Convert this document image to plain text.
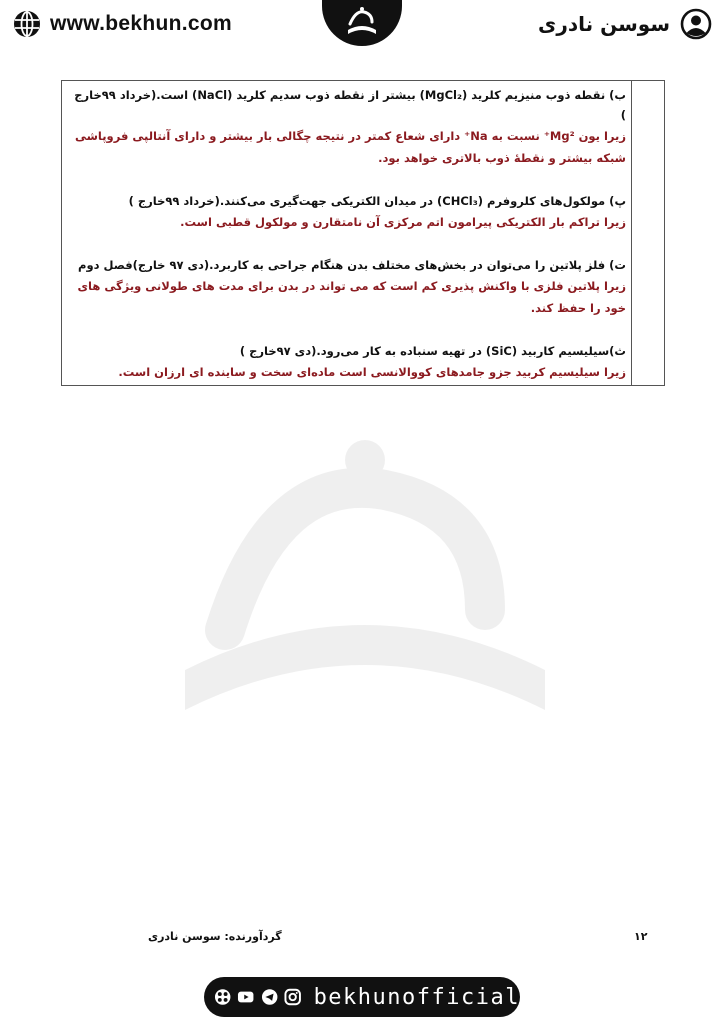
www.bekhun.com	سوسن نادری
ب) نقطه ذوب منیزیم کلرید (MgCl₂) بیشتر از نقطه ذوب سدیم کلرید (NaCl) است.(خرداد ۹۹خارج )
زیرا یون Mg²⁺ نسبت به Na⁺ دارای شعاع کمتر در نتیجه چگالی بار بیشتر و دارای آنتالپی فروپاشی شبکه بیشتر و نقطهٔ ذوب بالاتری خواهد بود.
پ) مولکول‌های کلروفرم (CHCl₃) در میدان الکتریکی جهت‌گیری می‌کنند.(خرداد ۹۹خارج )
زیرا تراکم بار الکتریکی پیرامون اتم مرکزی آن نامتقارن و مولکول قطبی است.
ت) فلز پلاتین را می‌توان در بخش‌های مختلف بدن هنگام جراحی به کاربرد.(دی ۹۷ خارج)فصل دوم
زیرا پلاتین فلزی با واکنش پذیری کم است که می تواند در بدن برای مدت های طولانی ویژگی های خود را حفظ کند.
ث)سیلیسیم کاربید (SiC) در تهیه سنباده به کار می‌رود.(دی ۹۷خارج )
زیرا سیلیسیم کربید جزو جامدهای کووالانسی است ماده‌ای سخت و ساینده ای ارزان است.
گردآورنده: سوسن نادری	۱۲
bekhunofficial
